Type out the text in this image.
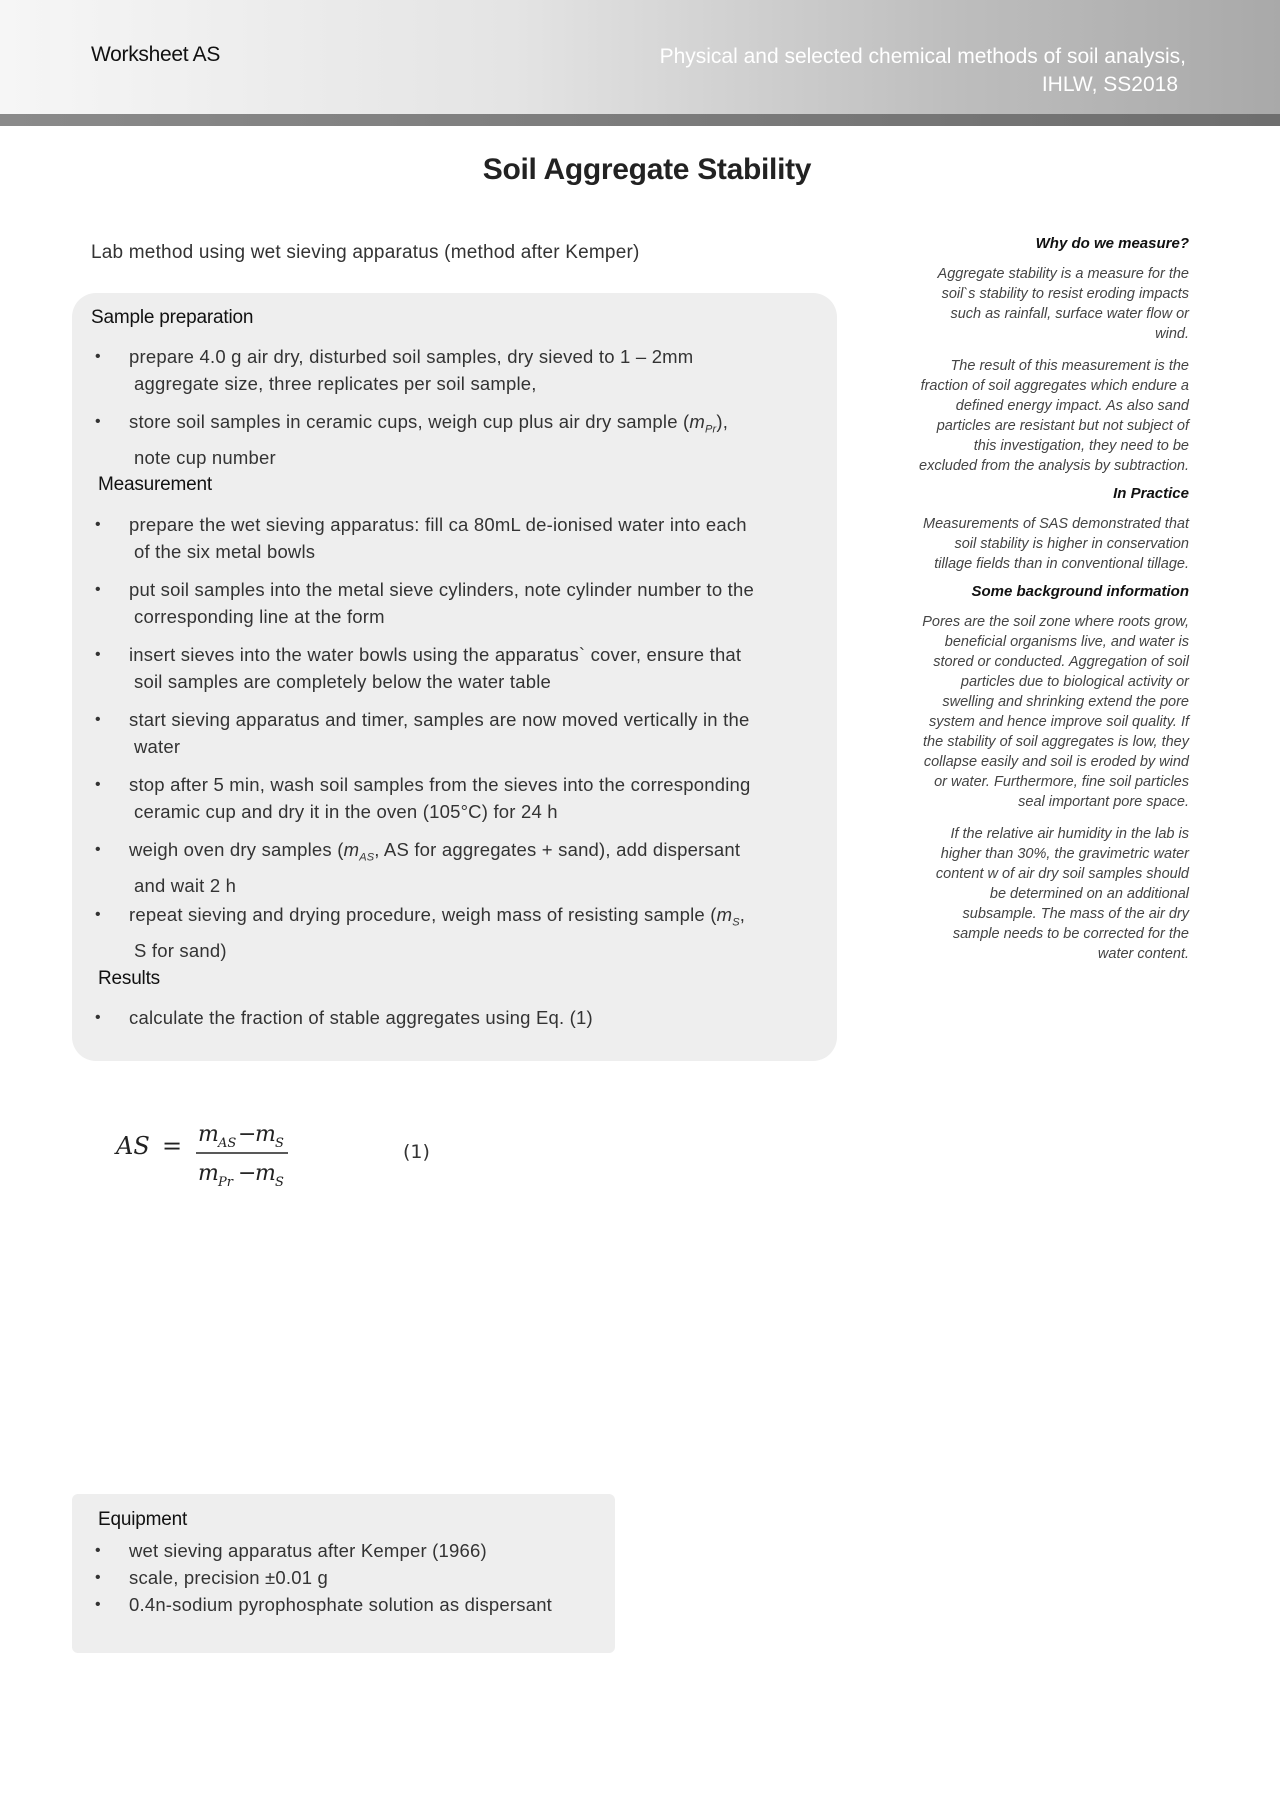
Worksheet AS	Physical and selected chemical methods of soil analysis,
IHLW, SS2018
Soil Aggregate Stability
Lab method using wet sieving apparatus (method after Kemper)
Sample preparation
• prepare 4.0 g air dry, disturbed soil samples, dry sieved to 1 – 2mm
aggregate size, three replicates per soil sample,
• store soil samples in ceramic cups, weigh cup plus air dry sample $(m_{Pr})$,
note cup number
Measurement
• prepare the wet sieving apparatus: fill ca 80mL de-ionised water into each
of the six metal bowls
• put soil samples into the metal sieve cylinders, note cylinder number to the
corresponding line at the form
• insert sieves into the water bowls using the apparatus` cover, ensure that
soil samples are completely below the water table
• start sieving apparatus and timer, samples are now moved vertically in the
water
• stop after 5 min, wash soil samples from the sieves into the corresponding
ceramic cup and dry it in the oven (105°C) for 24 h
• weigh oven dry samples ($m_{AS}$, AS for aggregates + sand), add dispersant
and wait 2 h
• repeat sieving and drying procedure, weigh mass of resisting sample ($m_S$,
S for sand)
Results
• calculate the fraction of stable aggregates using Eq. (1)
Why do we measure?

Aggregate stability is a measure for the
soil`s stability to resist eroding impacts
such as rainfall, surface water flow or
wind.

The result of this measurement is the
fraction of soil aggregates which endure a
defined energy impact. As also sand
particles are resistant but not subject of
this investigation, they need to be
excluded from the analysis by subtraction.

In Practice

Measurements of SAS demonstrated that
soil stability is higher in conservation
tillage fields than in conventional tillage.

Some background information

Pores are the soil zone where roots grow,
beneficial organisms live, and water is
stored or conducted. Aggregation of soil
particles due to biological activity or
swelling and shrinking extend the pore
system and hence improve soil quality. If
the stability of soil aggregates is low, they
collapse easily and soil is eroded by wind
or water. Furthermore, fine soil particles
seal important pore space.

If the relative air humidity in the lab is
higher than 30%, the gravimetric water
content w of air dry soil samples should
be determined on an additional
subsample. The mass of the air dry
sample needs to be corrected for the
water content.

AS = m AS −
m S
m Pr −
m S
(1)
Equipment
• wet sieving apparatus after Kemper (1966)
• scale, precision ±0.01 g
• 0.4n-sodium pyrophosphate solution as dispersant
